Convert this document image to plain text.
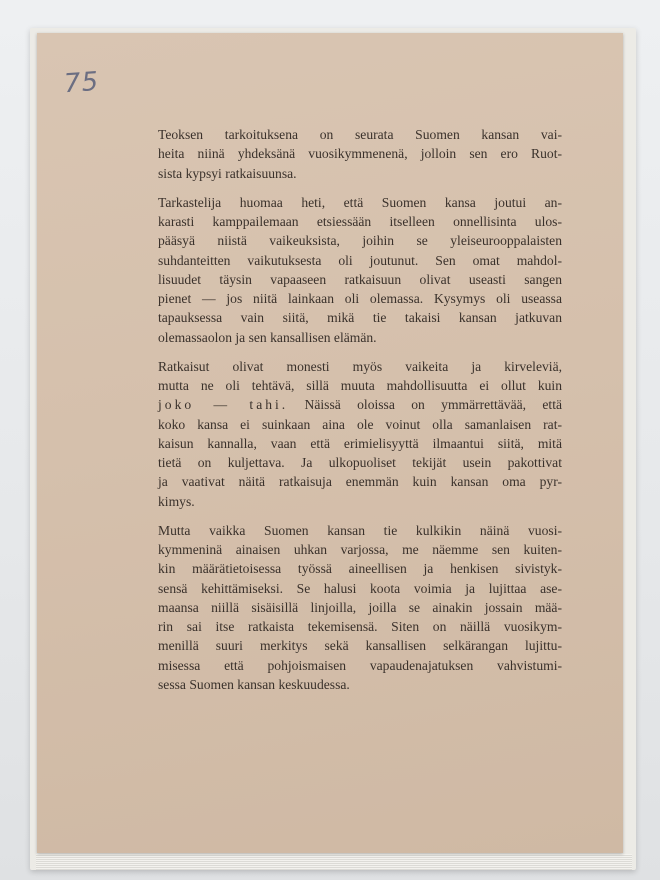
75

Teoksen tarkoituksena on seurata Suomen kansan vai-
heita niinä yhdeksänä vuosikymmenenä, jolloin sen ero Ruot-
sista kypsyi ratkaisuunsa.

Tarkastelija huomaa heti, että Suomen kansa joutui an-
karasti kamppailemaan etsiessään itselleen onnellisinta ulos-
pääsyä niistä vaikeuksista, joihin se yleiseurooppalaisten
suhdanteitten vaikutuksesta oli joutunut. Sen omat mahdol-
lisuudet täysin vapaaseen ratkaisuun olivat useasti sangen
pienet — jos niitä lainkaan oli olemassa. Kysymys oli useassa
tapauksessa vain siitä, mikä tie takaisi kansan jatkuvan
olemassaolon ja sen kansallisen elämän.

Ratkaisut olivat monesti myös vaikeita ja kirveleviä,
mutta ne oli tehtävä, sillä muuta mahdollisuutta ei ollut kuin
joko — tahi. Näissä oloissa on ymmärrettävää, että
koko kansa ei suinkaan aina ole voinut olla samanlaisen rat-
kaisun kannalla, vaan että erimielisyyttä ilmaantui siitä, mitä
tietä on kuljettava. Ja ulkopuoliset tekijät usein pakottivat
ja vaativat näitä ratkaisuja enemmän kuin kansan oma pyr-
kimys.

Mutta vaikka Suomen kansan tie kulkikin näinä vuosi-
kymmeninä ainaisen uhkan varjossa, me näemme sen kuiten-
kin määrätietoisessa työssä aineellisen ja henkisen sivistyk-
sensä kehittämiseksi. Se halusi koota voimia ja lujittaa ase-
maansa niillä sisäisillä linjoilla, joilla se ainakin jossain mää-
rin sai itse ratkaista tekemisensä. Siten on näillä vuosikym-
menillä suuri merkitys sekä kansallisen selkärangan lujittu-
misessa että pohjoismaisen vapaudenajatuksen vahvistumi-
sessa Suomen kansan keskuudessa.
